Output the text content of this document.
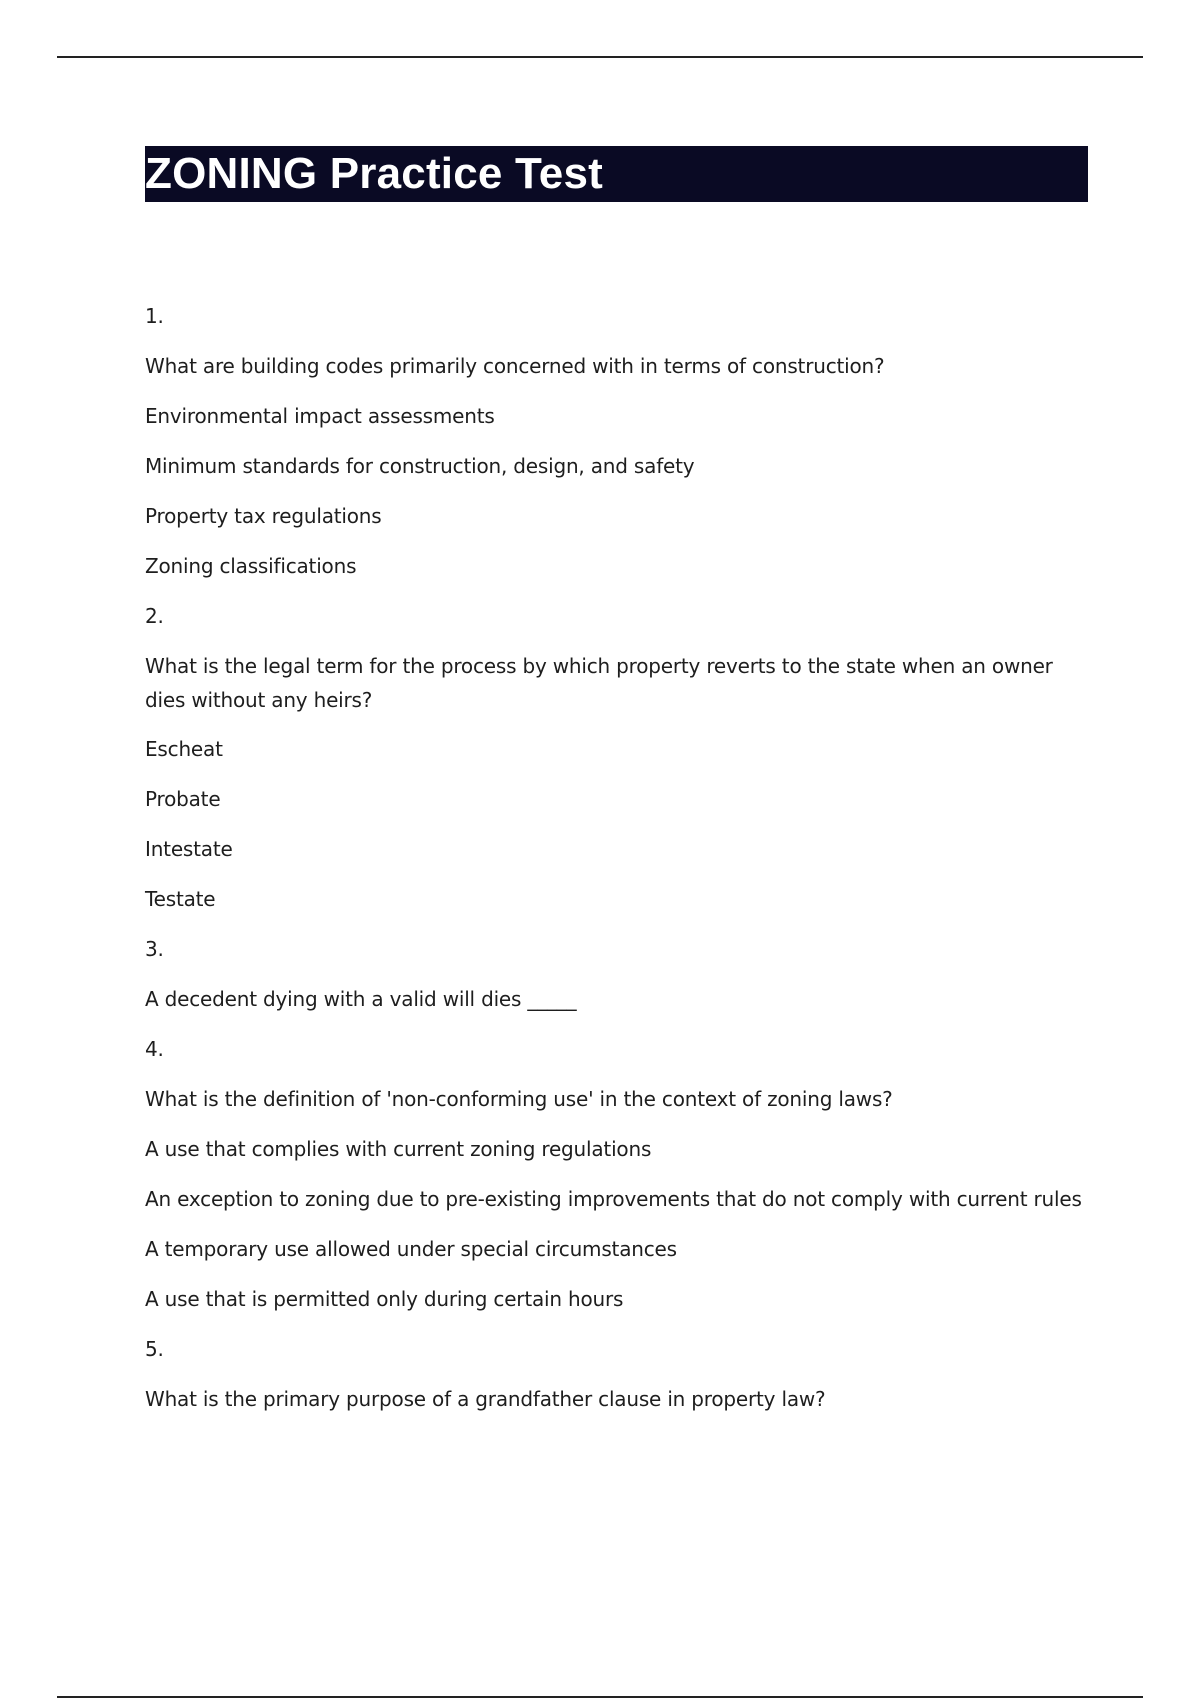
ZONING Practice Test
1.
What are building codes primarily concerned with in terms of construction?
Environmental impact assessments
Minimum standards for construction, design, and safety
Property tax regulations
Zoning classifications
2.
What is the legal term for the process by which property reverts to the state when an owner dies without any heirs?
Escheat
Probate
Intestate
Testate
3.
A decedent dying with a valid will dies _____
4.
What is the definition of 'non-conforming use' in the context of zoning laws?
A use that complies with current zoning regulations
An exception to zoning due to pre-existing improvements that do not comply with current rules
A temporary use allowed under special circumstances
A use that is permitted only during certain hours
5.
What is the primary purpose of a grandfather clause in property law?
